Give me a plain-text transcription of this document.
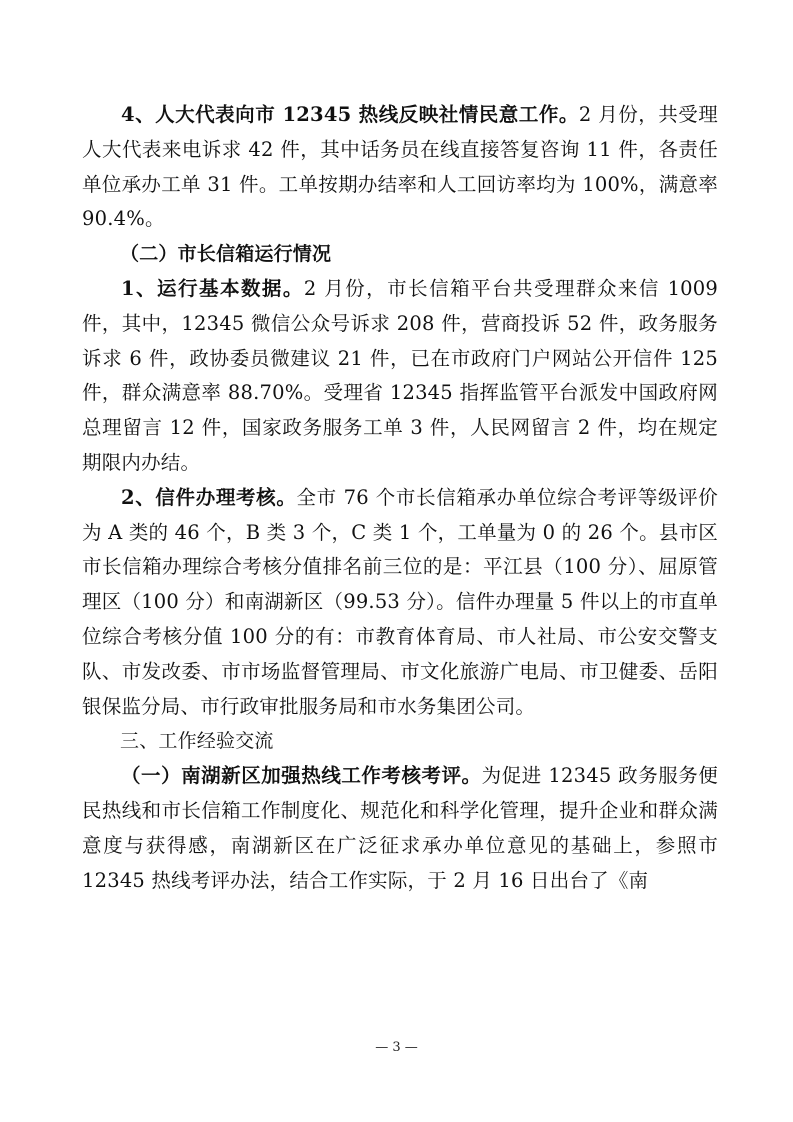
4、人大代表向市 12345 热线反映社情民意工作。2 月份，共受理人大代表来电诉求 42 件，其中话务员在线直接答复咨询 11 件，各责任单位承办工单 31 件。工单按期办结率和人工回访率均为 100%，满意率 90.4%。

（二）市长信箱运行情况

1、运行基本数据。2 月份，市长信箱平台共受理群众来信 1009 件，其中，12345 微信公众号诉求 208 件，营商投诉 52 件，政务服务诉求 6 件，政协委员微建议 21 件，已在市政府门户网站公开信件 125 件，群众满意率 88.70%。受理省 12345 指挥监管平台派发中国政府网总理留言 12 件，国家政务服务工单 3 件，人民网留言 2 件，均在规定期限内办结。

2、信件办理考核。全市 76 个市长信箱承办单位综合考评等级评价为 A 类的 46 个，B 类 3 个，C 类 1 个，工单量为 0 的 26 个。县市区市长信箱办理综合考核分值排名前三位的是：平江县（100 分）、屈原管理区（100 分）和南湖新区（99.53 分）。信件办理量 5 件以上的市直单位综合考核分值 100 分的有：市教育体育局、市人社局、市公安交警支队、市发改委、市市场监督管理局、市文化旅游广电局、市卫健委、岳阳银保监分局、市行政审批服务局和市水务集团公司。

三、工作经验交流

（一）南湖新区加强热线工作考核考评。为促进 12345 政务服务便民热线和市长信箱工作制度化、规范化和科学化管理，提升企业和群众满意度与获得感，南湖新区在广泛征求承办单位意见的基础上，参照市 12345 热线考评办法，结合工作实际，于 2 月 16 日出台了《南

— 3 —
